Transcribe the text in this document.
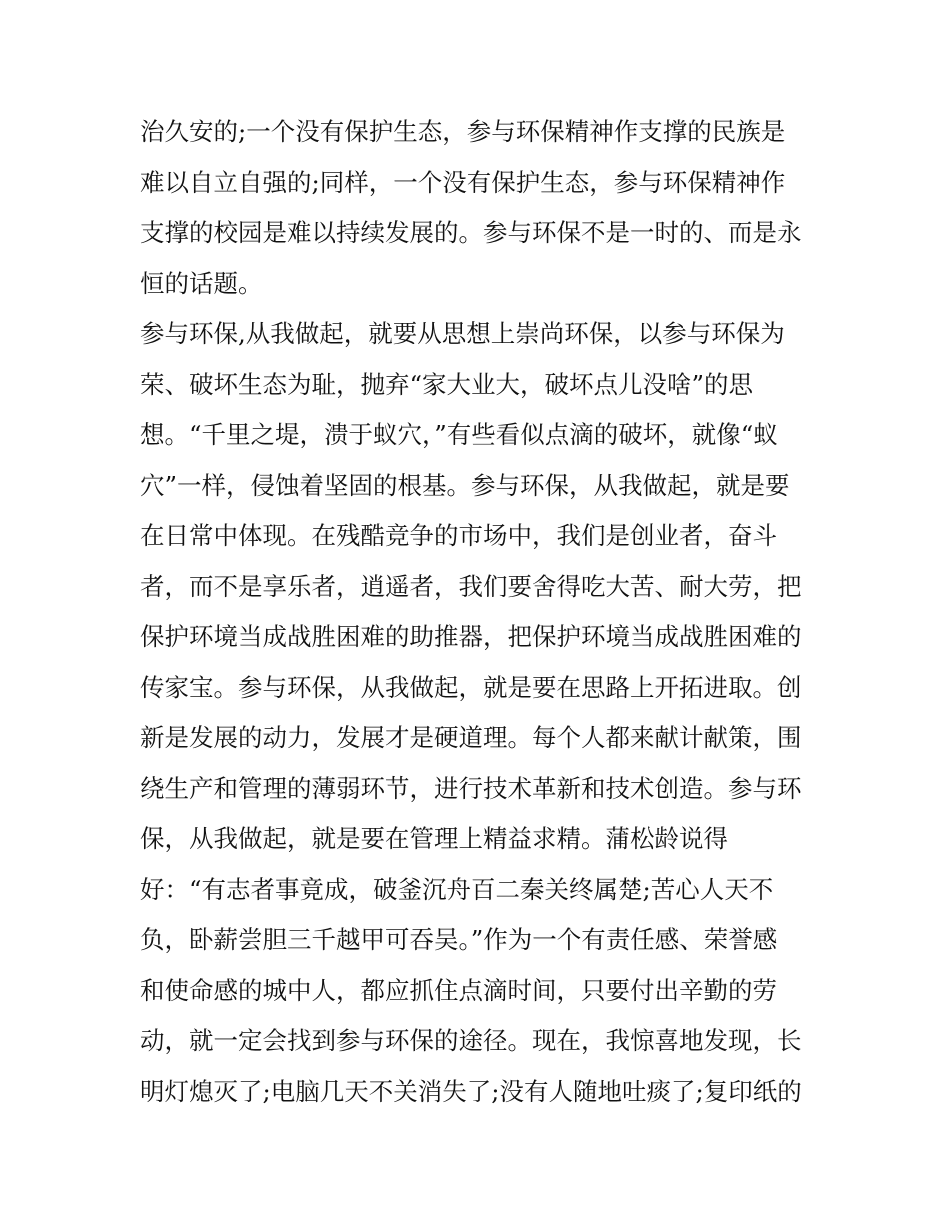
治久安的;一个没有保护生态，参与环保精神作支撑的民族是
难以自立自强的;同样，一个没有保护生态，参与环保精神作
支撑的校园是难以持续发展的。参与环保不是一时的、而是永
恒的话题。
参与环保,从我做起，就要从思想上崇尚环保，以参与环保为
荣、破坏生态为耻，抛弃“家大业大，破坏点儿没啥”的思
想。“千里之堤，溃于蚁穴，”有些看似点滴的破坏，就像“蚁
穴”一样，侵蚀着坚固的根基。参与环保，从我做起，就是要
在日常中体现。在残酷竞争的市场中，我们是创业者，奋斗
者，而不是享乐者，逍遥者，我们要舍得吃大苦、耐大劳，把
保护环境当成战胜困难的助推器，把保护环境当成战胜困难的
传家宝。参与环保，从我做起，就是要在思路上开拓进取。创
新是发展的动力，发展才是硬道理。每个人都来献计献策，围
绕生产和管理的薄弱环节，进行技术革新和技术创造。参与环
保，从我做起，就是要在管理上精益求精。蒲松龄说得
好：“有志者事竟成，破釜沉舟百二秦关终属楚;苦心人天不
负，卧薪尝胆三千越甲可吞吴。”作为一个有责任感、荣誉感
和使命感的城中人，都应抓住点滴时间，只要付出辛勤的劳
动，就一定会找到参与环保的途径。现在，我惊喜地发现，长
明灯熄灭了;电脑几天不关消失了;没有人随地吐痰了;复印纸的
